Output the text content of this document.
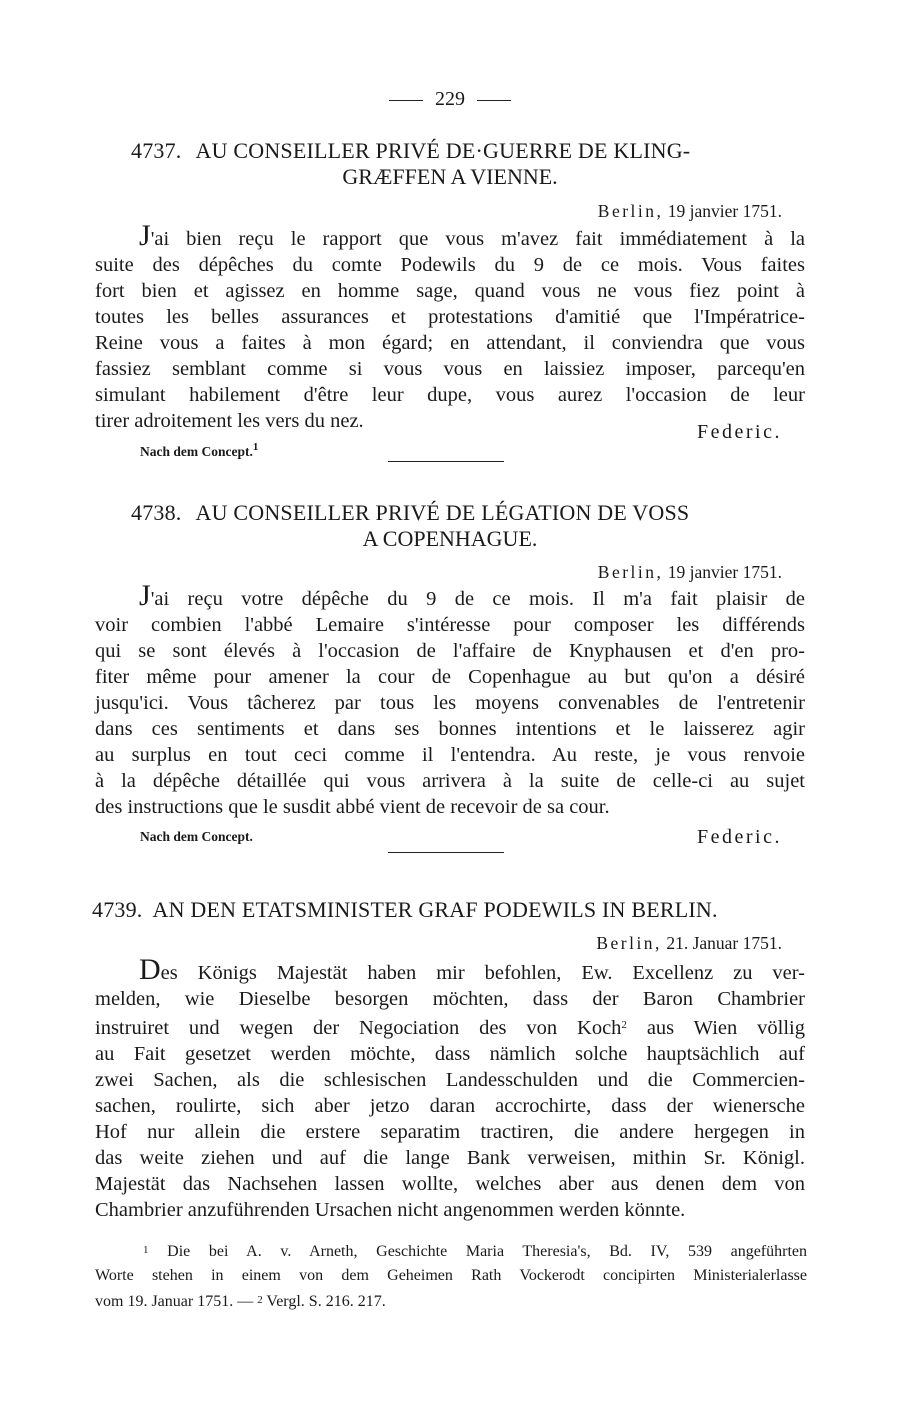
229
4737. AU CONSEILLER PRIVÉ DE·GUERRE DE KLING-
GRÆFFEN A VIENNE.
Berlin, 19 janvier 1751.
J'ai bien reçu le rapport que vous m'avez fait immédiatement à la
suite des dépêches du comte Podewils du 9 de ce mois. Vous faites
fort bien et agissez en homme sage, quand vous ne vous fiez point à
toutes les belles assurances et protestations d'amitié que l'Impératrice-
Reine vous a faites à mon égard; en attendant, il conviendra que vous
fassiez semblant comme si vous vous en laissiez imposer, parcequ'en
simulant habilement d'être leur dupe, vous aurez l'occasion de leur
tirer adroitement les vers du nez.	Federic.
Nach dem Concept.$^1$
4738. AU CONSEILLER PRIVÉ DE LÉGATION DE VOSS
A COPENHAGUE.
Berlin, 19 janvier 1751.
J'ai reçu votre dépêche du 9 de ce mois. Il m'a fait plaisir de
voir combien l'abbé Lemaire s'intéresse pour composer les différends
qui se sont élevés à l'occasion de l'affaire de Knyphausen et d'en pro-
fiter même pour amener la cour de Copenhague au but qu'on a désiré
jusqu'ici. Vous tâcherez par tous les moyens convenables de l'entretenir
dans ces sentiments et dans ses bonnes intentions et le laisserez agir
au surplus en tout ceci comme il l'entendra. Au reste, je vous renvoie
à la dépêche détaillée qui vous arrivera à la suite de celle-ci au sujet
des instructions que le susdit abbé vient de recevoir de sa cour.
Nach dem Concept.	Federic.
4739. AN DEN ETATSMINISTER GRAF PODEWILS IN BERLIN.
Berlin, 21. Januar 1751.
Des Königs Majestät haben mir befohlen, Ew. Excellenz zu ver-
melden, wie Dieselbe besorgen möchten, dass der Baron Chambrier
instruiret und wegen der Negociation des von Koch$^2$ aus Wien völlig
au Fait gesetzet werden möchte, dass nämlich solche hauptsächlich auf
zwei Sachen, als die schlesischen Landesschulden und die Commercien-
sachen, roulirte, sich aber jetzo daran accrochirte, dass der wienersche
Hof nur allein die erstere separatim tractiren, die andere hergegen in
das weite ziehen und auf die lange Bank verweisen, mithin Sr. Königl.
Majestät das Nachsehen lassen wollte, welches aber aus denen dem von
Chambrier anzuführenden Ursachen nicht angenommen werden könnte.
$^1$ Die bei A. v. Arneth, Geschichte Maria Theresia's, Bd. IV, 539 angeführten
Worte stehen in einem von dem Geheimen Rath Vockerodt concipirten Ministerialerlasse
vom 19. Januar 1751. — $^2$ Vergl. S. 216. 217.
